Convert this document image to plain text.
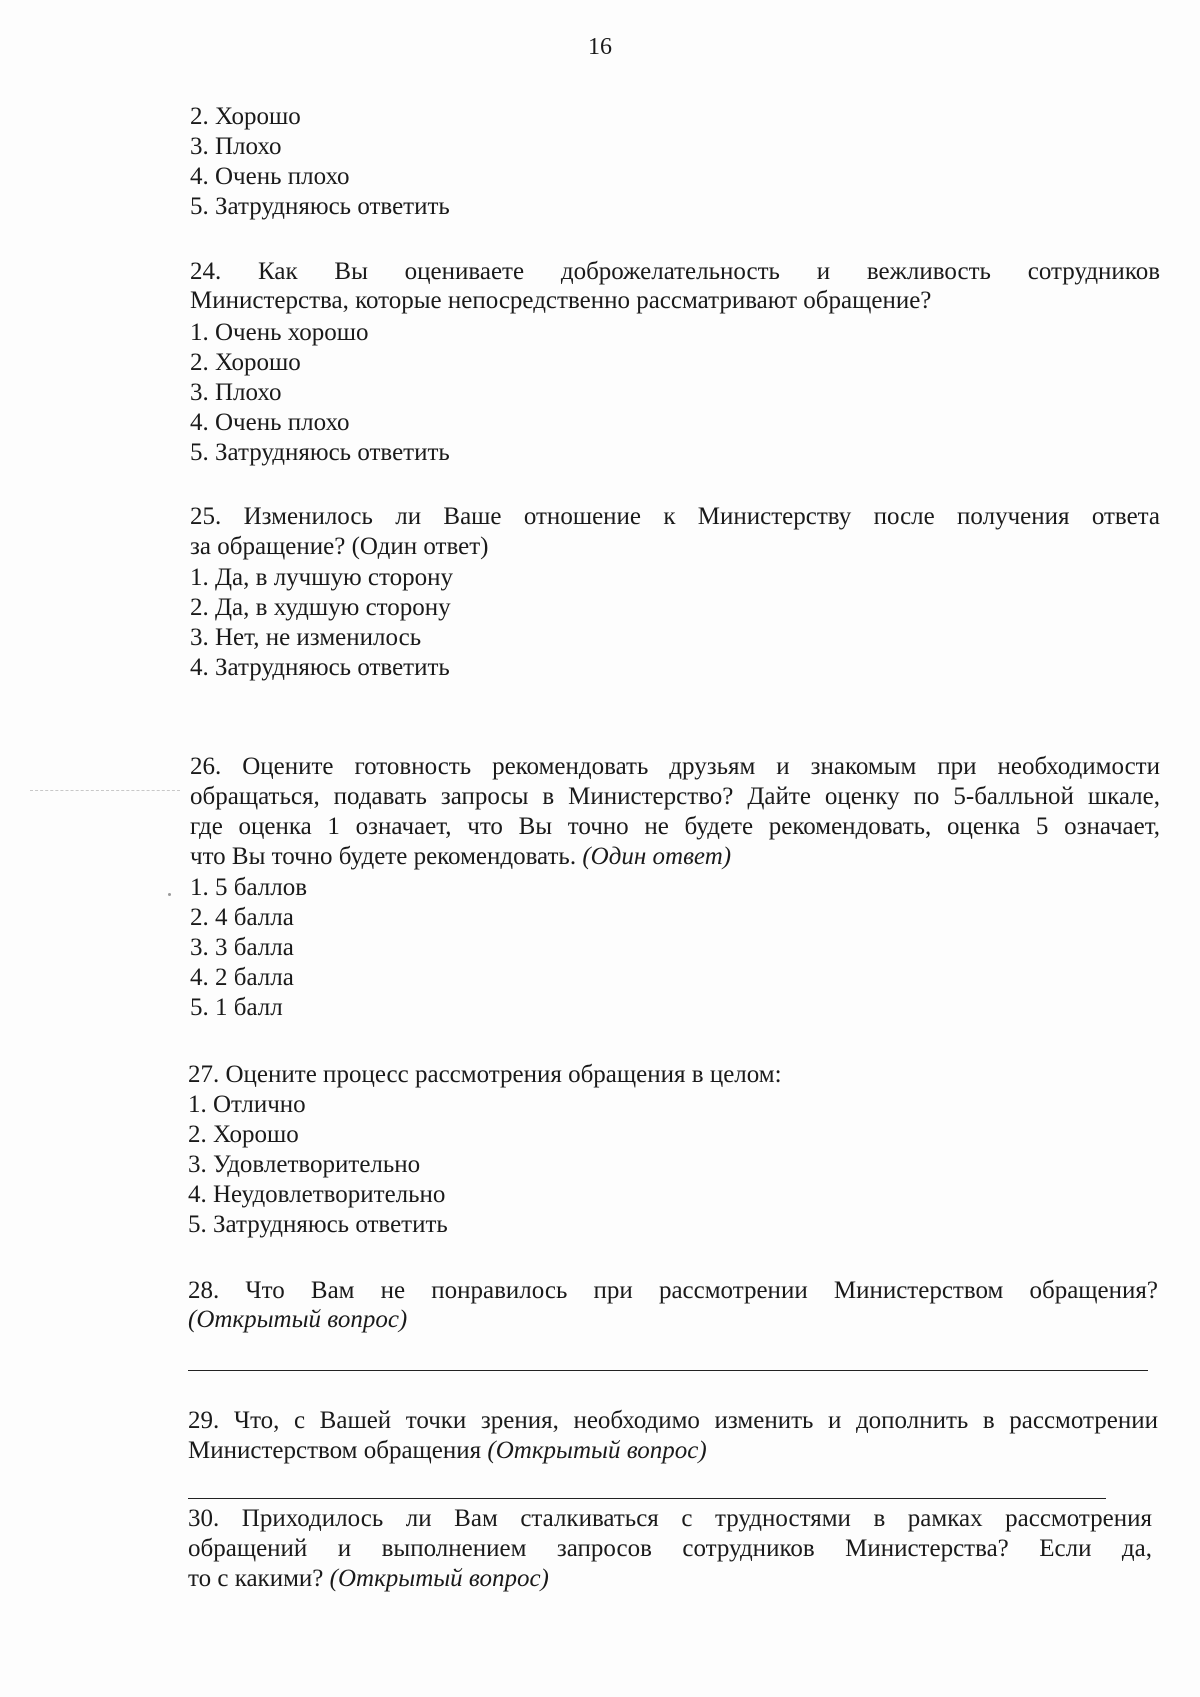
16
2. Хорошо
3. Плохо
4. Очень плохо
5. Затрудняюсь ответить
24. Как Вы оцениваете доброжелательность и вежливость сотрудников
Министерства, которые непосредственно рассматривают обращение?
1. Очень хорошо
2. Хорошо
3. Плохо
4. Очень плохо
5. Затрудняюсь ответить
25. Изменилось ли Ваше отношение к Министерству после получения ответа
за обращение? (Один ответ)
1. Да, в лучшую сторону
2. Да, в худшую сторону
3. Нет, не изменилось
4. Затрудняюсь ответить
26. Оцените готовность рекомендовать друзьям и знакомым при необходимости
обращаться, подавать запросы в Министерство? Дайте оценку по 5-балльной шкале,
где оценка 1 означает, что Вы точно не будете рекомендовать, оценка 5 означает,
что Вы точно будете рекомендовать. (Один ответ)
1. 5 баллов
2. 4 балла
3. 3 балла
4. 2 балла
5. 1 балл
27. Оцените процесс рассмотрения обращения в целом:
1. Отлично
2. Хорошо
3. Удовлетворительно
4. Неудовлетворительно
5. Затрудняюсь ответить
28. Что Вам не понравилось при рассмотрении Министерством обращения?
(Открытый вопрос)
29. Что, с Вашей точки зрения, необходимо изменить и дополнить в рассмотрении
Министерством обращения (Открытый вопрос)
30. Приходилось ли Вам сталкиваться с трудностями в рамках рассмотрения
обращений и выполнением запросов сотрудников Министерства? Если да,
то с какими? (Открытый вопрос)
